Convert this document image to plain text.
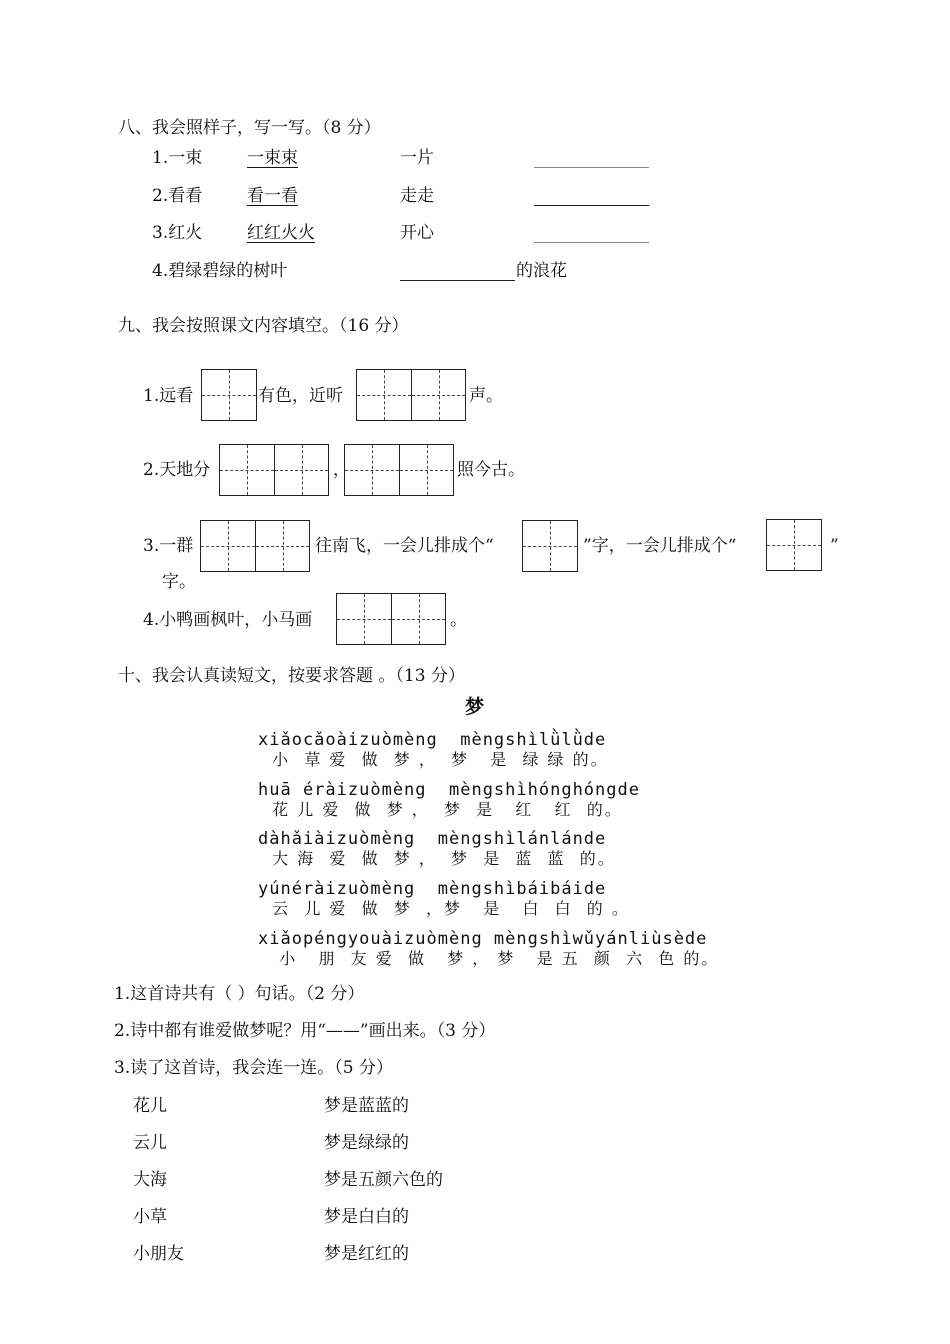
八、我会照样子，写一写。（8 分）
1.一束	一束束	一片
2.看看	看一看	走走
3.红火	红红火火	开心
4.碧绿碧绿的树叶	的浪花
九、我会按照课文内容填空。（16 分）
1.远看	有色，近听	声。
2.天地分	，	照今古。
3.一群	往南飞，一会儿排成个“	”字，一会儿排成个“	”
字。
4.小鸭画枫叶，小马画	。
十、我会认真读短文，按要求答题 。（13 分）
梦
xiǎocǎoàizuòmèng  mèngshìlǜlǜde
小  草 爱  做  梦 ，  梦   是  绿 绿 的。
huā éràizuòmèng  mèngshìhónghóngde
花 儿 爱  做  梦 ，  梦  是   红   红  的。
dàhǎiàizuòmèng  mèngshìlánlánde
大 海  爱  做  梦 ，  梦  是  蓝  蓝  的。
yúnéràizuòmèng  mèngshìbáibáide
云  儿 爱  做  梦  ，梦   是   白  白  的 。
xiǎopéngyouàizuòmèng mèngshìwǔyánliùsède
小   朋  友 爱  做   梦 ， 梦   是 五  颜  六  色 的。
1.这首诗共有（ ）句话。（2 分）
2.诗中都有谁爱做梦呢？用“——”画出来。（3 分）
3.读了这首诗，我会连一连。（5 分）
花儿	梦是蓝蓝的
云儿	梦是绿绿的
大海	梦是五颜六色的
小草	梦是白白的
小朋友	梦是红红的
